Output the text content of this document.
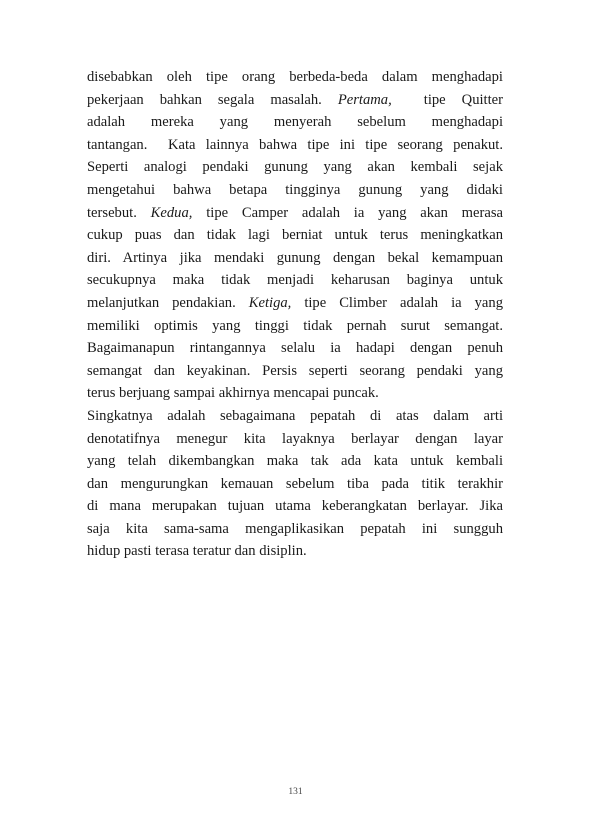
disebabkan oleh tipe orang berbeda-beda dalam menghadapi
pekerjaan bahkan segala masalah. Pertama,  tipe Quitter
adalah mereka yang menyerah sebelum menghadapi
tantangan.  Kata lainnya bahwa tipe ini tipe seorang penakut.
Seperti analogi pendaki gunung yang akan kembali sejak
mengetahui bahwa betapa tingginya gunung yang didaki
tersebut. Kedua, tipe Camper adalah ia yang akan merasa
cukup puas dan tidak lagi berniat untuk terus meningkatkan
diri. Artinya jika mendaki gunung dengan bekal kemampuan
secukupnya maka tidak menjadi keharusan baginya untuk
melanjutkan pendakian. Ketiga, tipe Climber adalah ia yang
memiliki optimis yang tinggi tidak pernah surut semangat.
Bagaimanapun rintangannya selalu ia hadapi dengan penuh
semangat dan keyakinan. Persis seperti seorang pendaki yang
terus berjuang sampai akhirnya mencapai puncak.
Singkatnya adalah sebagaimana pepatah di atas dalam arti
denotatifnya menegur kita layaknya berlayar dengan layar
yang telah dikembangkan maka tak ada kata untuk kembali
dan mengurungkan kemauan sebelum tiba pada titik terakhir
di mana merupakan tujuan utama keberangkatan berlayar. Jika
saja kita sama-sama mengaplikasikan pepatah ini sungguh
hidup pasti terasa teratur dan disiplin.
131
